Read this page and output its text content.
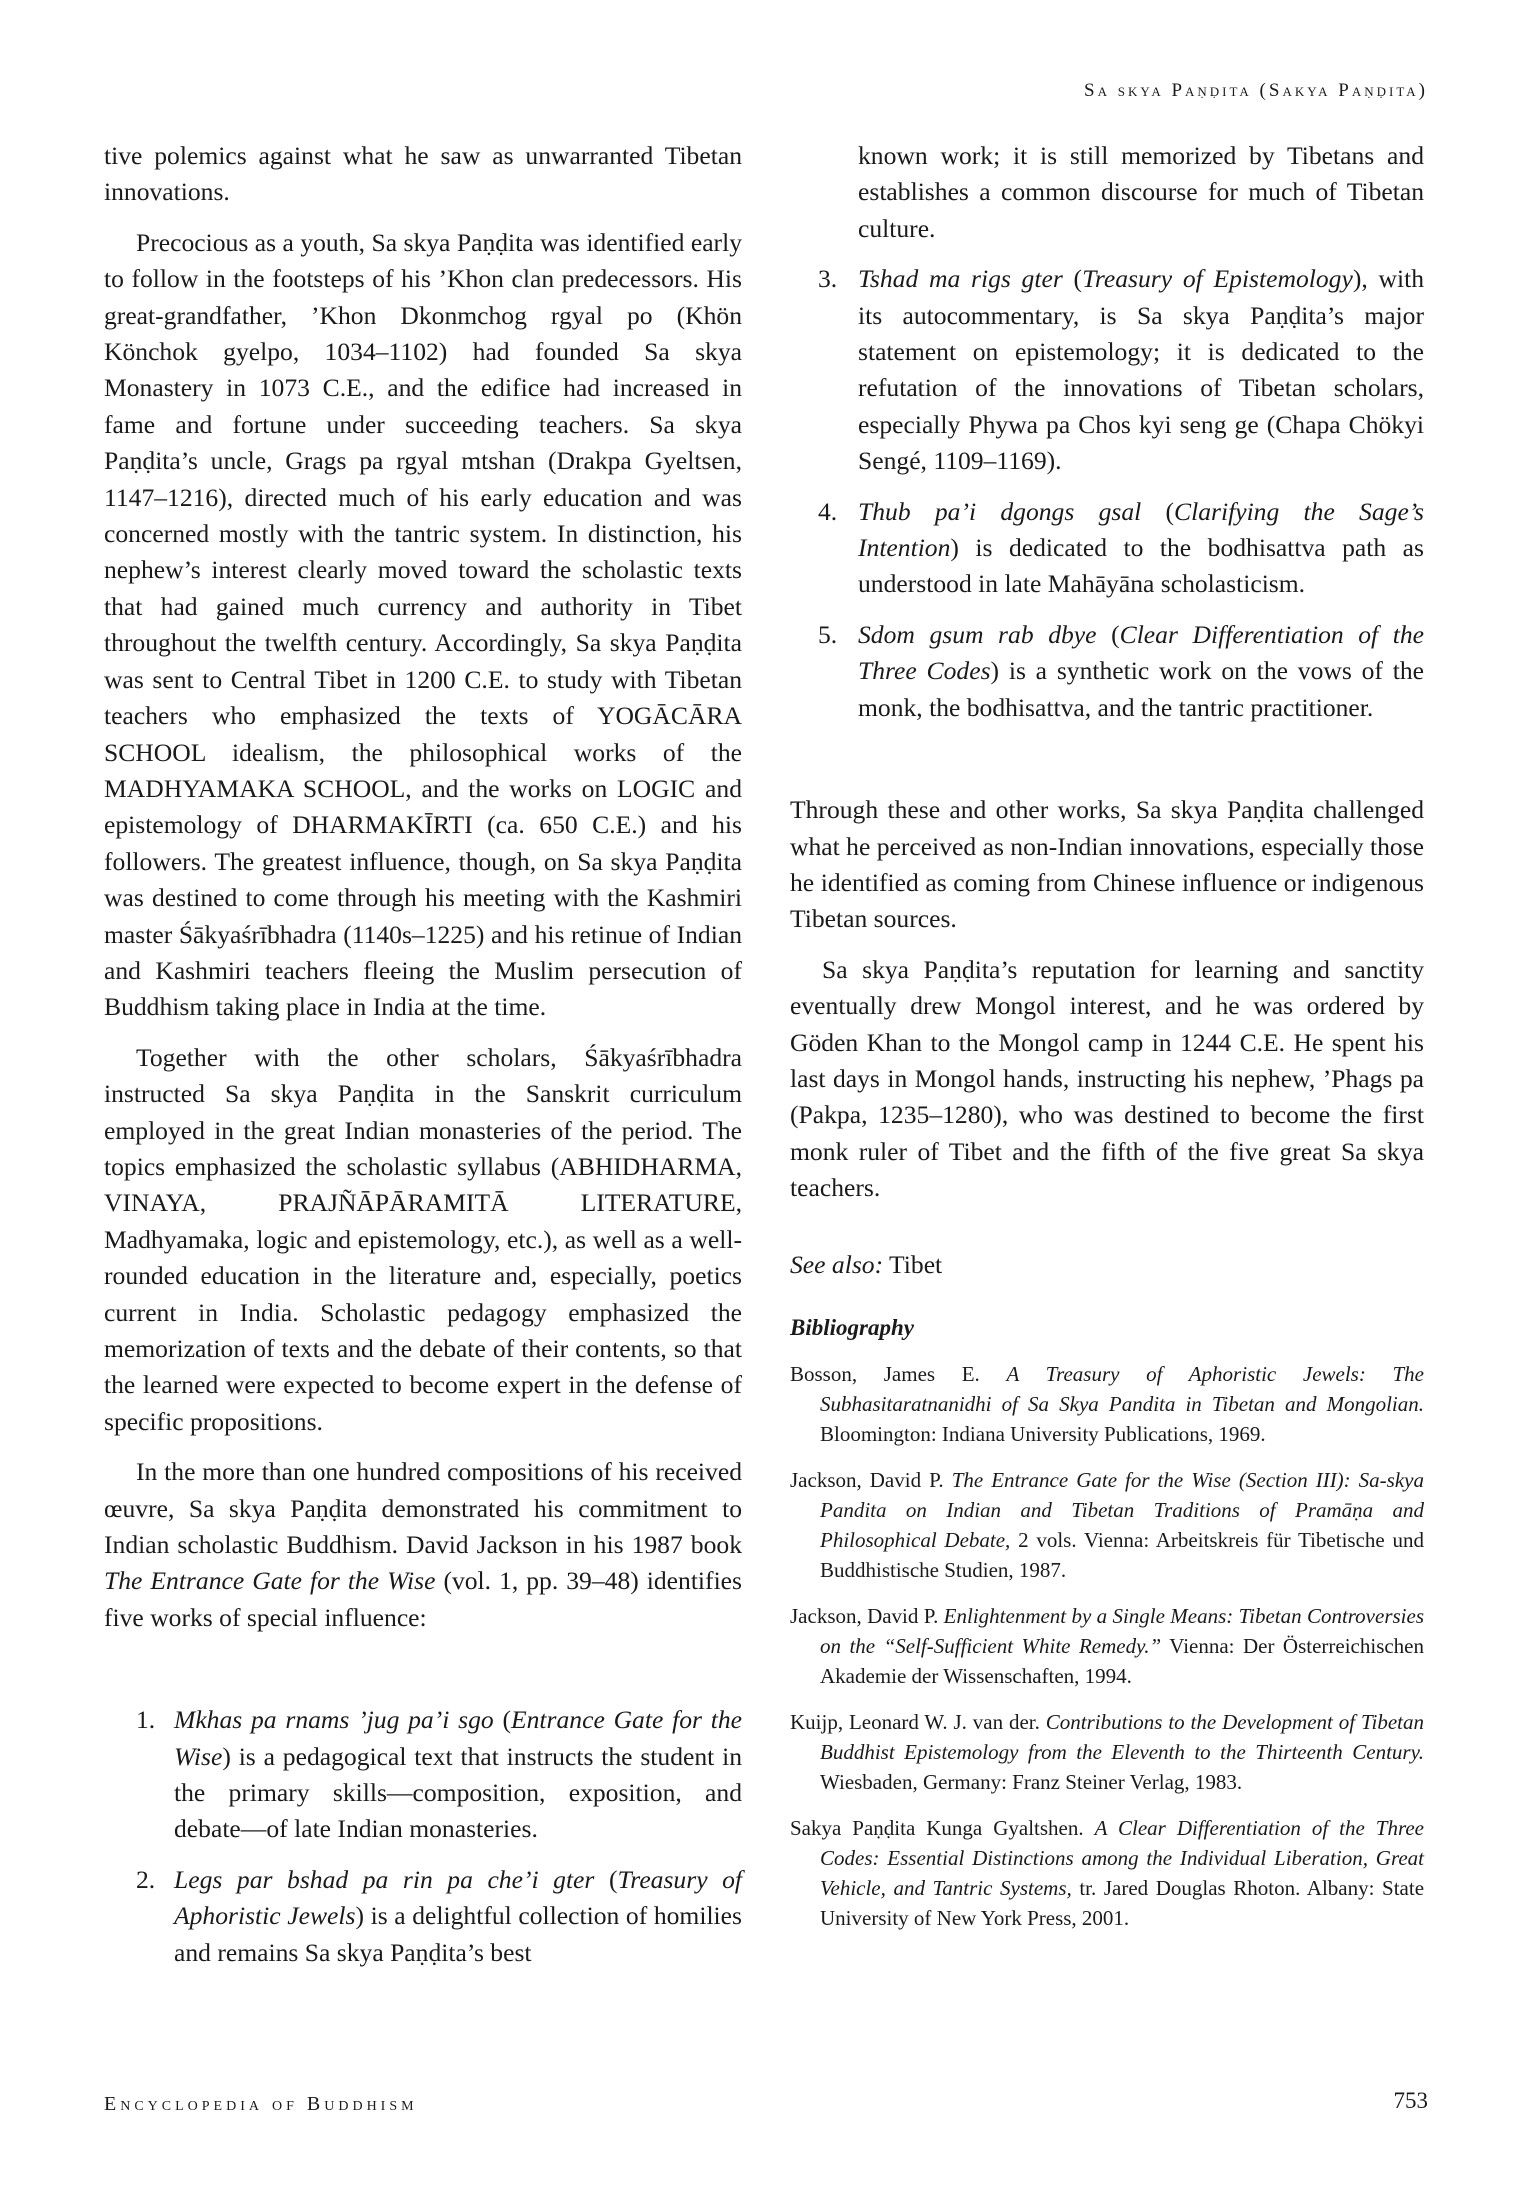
Sa skya Paṇḍita (Sakya Paṇḍita)

tive polemics against what he saw as unwarranted Tibetan innovations.

Precocious as a youth, Sa skya Paṇḍita was identified early to follow in the footsteps of his ’Khon clan predecessors. His great-grandfather, ’Khon Dkonmchog rgyal po (Khön Könchok gyelpo, 1034–1102) had founded Sa skya Monastery in 1073 C.E., and the edifice had increased in fame and fortune under succeeding teachers. Sa skya Paṇḍita’s uncle, Grags pa rgyal mtshan (Drakpa Gyeltsen, 1147–1216), directed much of his early education and was concerned mostly with the tantric system. In distinction, his nephew’s interest clearly moved toward the scholastic texts that had gained much currency and authority in Tibet throughout the twelfth century. Accordingly, Sa skya Paṇḍita was sent to Central Tibet in 1200 C.E. to study with Tibetan teachers who emphasized the texts of YOGĀCĀRA SCHOOL idealism, the philosophical works of the MADHYAMAKA SCHOOL, and the works on LOGIC and epistemology of DHARMAKĪRTI (ca. 650 C.E.) and his followers. The greatest influence, though, on Sa skya Paṇḍita was destined to come through his meeting with the Kashmiri master Śākyaśrībhadra (1140s–1225) and his retinue of Indian and Kashmiri teachers fleeing the Muslim persecution of Buddhism taking place in India at the time.

Together with the other scholars, Śākyaśrībhadra instructed Sa skya Paṇḍita in the Sanskrit curriculum employed in the great Indian monasteries of the period. The topics emphasized the scholastic syllabus (ABHIDHARMA, VINAYA, PRAJÑĀPĀRAMITĀ LITERATURE, Madhyamaka, logic and epistemology, etc.), as well as a well-rounded education in the literature and, especially, poetics current in India. Scholastic pedagogy emphasized the memorization of texts and the debate of their contents, so that the learned were expected to become expert in the defense of specific propositions.

In the more than one hundred compositions of his received œuvre, Sa skya Paṇḍita demonstrated his commitment to Indian scholastic Buddhism. David Jackson in his 1987 book The Entrance Gate for the Wise (vol. 1, pp. 39–48) identifies five works of special influence:

1. Mkhas pa rnams ’jug pa’i sgo (Entrance Gate for the Wise) is a pedagogical text that instructs the student in the primary skills—composition, exposition, and debate—of late Indian monasteries.
2. Legs par bshad pa rin pa che’i gter (Treasury of Aphoristic Jewels) is a delightful collection of homilies and remains Sa skya Paṇḍita’s best

known work; it is still memorized by Tibetans and establishes a common discourse for much of Tibetan culture.

3. Tshad ma rigs gter (Treasury of Epistemology), with its autocommentary, is Sa skya Paṇḍita’s major statement on epistemology; it is dedicated to the refutation of the innovations of Tibetan scholars, especially Phywa pa Chos kyi seng ge (Chapa Chökyi Sengé, 1109–1169).
4. Thub pa’i dgongs gsal (Clarifying the Sage’s Intention) is dedicated to the bodhisattva path as understood in late Mahāyāna scholasticism.
5. Sdom gsum rab dbye (Clear Differentiation of the Three Codes) is a synthetic work on the vows of the monk, the bodhisattva, and the tantric practitioner.

Through these and other works, Sa skya Paṇḍita challenged what he perceived as non-Indian innovations, especially those he identified as coming from Chinese influence or indigenous Tibetan sources.

Sa skya Paṇḍita’s reputation for learning and sanctity eventually drew Mongol interest, and he was ordered by Göden Khan to the Mongol camp in 1244 C.E. He spent his last days in Mongol hands, instructing his nephew, ’Phags pa (Pakpa, 1235–1280), who was destined to become the first monk ruler of Tibet and the fifth of the five great Sa skya teachers.

See also: Tibet
Bibliography
Bosson, James E. A Treasury of Aphoristic Jewels: The Subhasitaratnanidhi of Sa Skya Pandita in Tibetan and Mongolian. Bloomington: Indiana University Publications, 1969.
Jackson, David P. The Entrance Gate for the Wise (Section III): Sa-skya Pandita on Indian and Tibetan Traditions of Pramāṇa and Philosophical Debate, 2 vols. Vienna: Arbeitskreis für Tibetische und Buddhistische Studien, 1987.
Jackson, David P. Enlightenment by a Single Means: Tibetan Controversies on the “Self-Sufficient White Remedy.” Vienna: Der Österreichischen Akademie der Wissenschaften, 1994.
Kuijp, Leonard W. J. van der. Contributions to the Development of Tibetan Buddhist Epistemology from the Eleventh to the Thirteenth Century. Wiesbaden, Germany: Franz Steiner Verlag, 1983.
Sakya Paṇḍita Kunga Gyaltshen. A Clear Differentiation of the Three Codes: Essential Distinctions among the Individual Liberation, Great Vehicle, and Tantric Systems, tr. Jared Douglas Rhoton. Albany: State University of New York Press, 2001.
Encyclopedia of Buddhism	753
